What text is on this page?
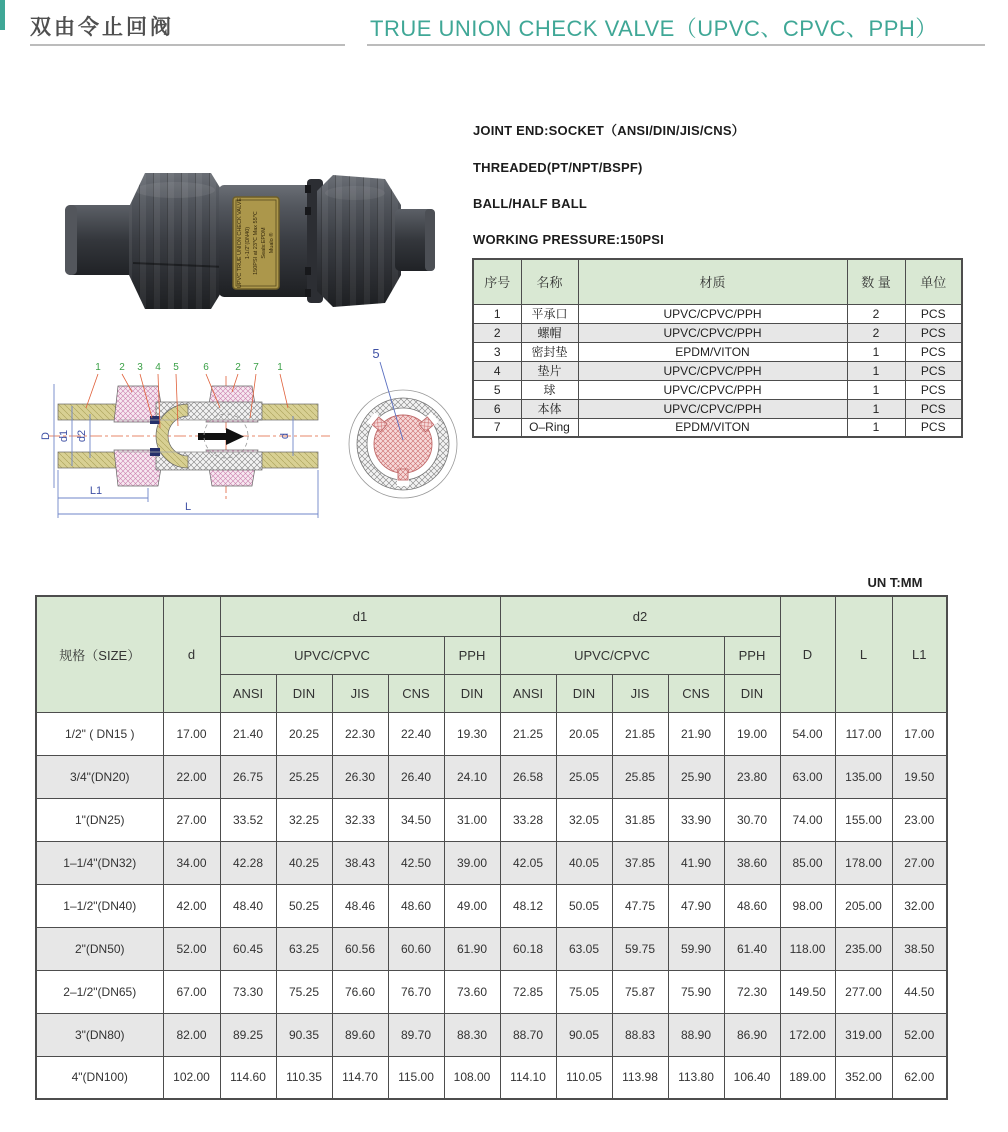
双由令止回阀	TRUE UNION CHECK VALVE（UPVC、CPVC、PPH）
UPVC TRUE UNION CHECK VALVE 1-1/2"(DN40) 150PSI at 23℃ Max 55℃ Seals:EPDM Mualo ®
JOINT END:SOCKET（ANSI/DIN/JIS/CNS）
THREADED(PT/NPT/BSPF)
BALL/HALF BALL
WORKING PRESSURE:150PSI
序号	名称	材质	数 量	单位
1	平承口	UPVC/CPVC/PPH	2	PCS
2	螺帽	UPVC/CPVC/PPH	2	PCS
3	密封垫	EPDM/VITON	1	PCS
4	垫片	UPVC/CPVC/PPH	1	PCS
5	球	UPVC/CPVC/PPH	1	PCS
6	本体	UPVC/CPVC/PPH	1	PCS
7	O–Ring	EPDM/VITON	1	PCS
D d1 d2	d
L1
L
1 2 3 4 5 6	2 7 1
5
UN T:MM
规格（SIZE）	d	d1					d2					D	L	L1
		UPVC/CPVC				PPH	UPVC/CPVC				PPH			
		ANSI	DIN	JIS	CNS	DIN	ANSI	DIN	JIS	CNS	DIN			
1/2" ( DN15 )	17.00	21.40	20.25	22.30	22.40	19.30	21.25	20.05	21.85	21.90	19.00	54.00	117.00	17.00
3/4"(DN20)	22.00	26.75	25.25	26.30	26.40	24.10	26.58	25.05	25.85	25.90	23.80	63.00	135.00	19.50
1"(DN25)	27.00	33.52	32.25	32.33	34.50	31.00	33.28	32.05	31.85	33.90	30.70	74.00	155.00	23.00
1–1/4"(DN32)	34.00	42.28	40.25	38.43	42.50	39.00	42.05	40.05	37.85	41.90	38.60	85.00	178.00	27.00
1–1/2"(DN40)	42.00	48.40	50.25	48.46	48.60	49.00	48.12	50.05	47.75	47.90	48.60	98.00	205.00	32.00
2"(DN50)	52.00	60.45	63.25	60.56	60.60	61.90	60.18	63.05	59.75	59.90	61.40	118.00	235.00	38.50
2–1/2"(DN65)	67.00	73.30	75.25	76.60	76.70	73.60	72.85	75.05	75.87	75.90	72.30	149.50	277.00	44.50
3"(DN80)	82.00	89.25	90.35	89.60	89.70	88.30	88.70	90.05	88.83	88.90	86.90	172.00	319.00	52.00
4"(DN100)	102.00	114.60	110.35	114.70	115.00	108.00	114.10	110.05	113.98	113.80	106.40	189.00	352.00	62.00
